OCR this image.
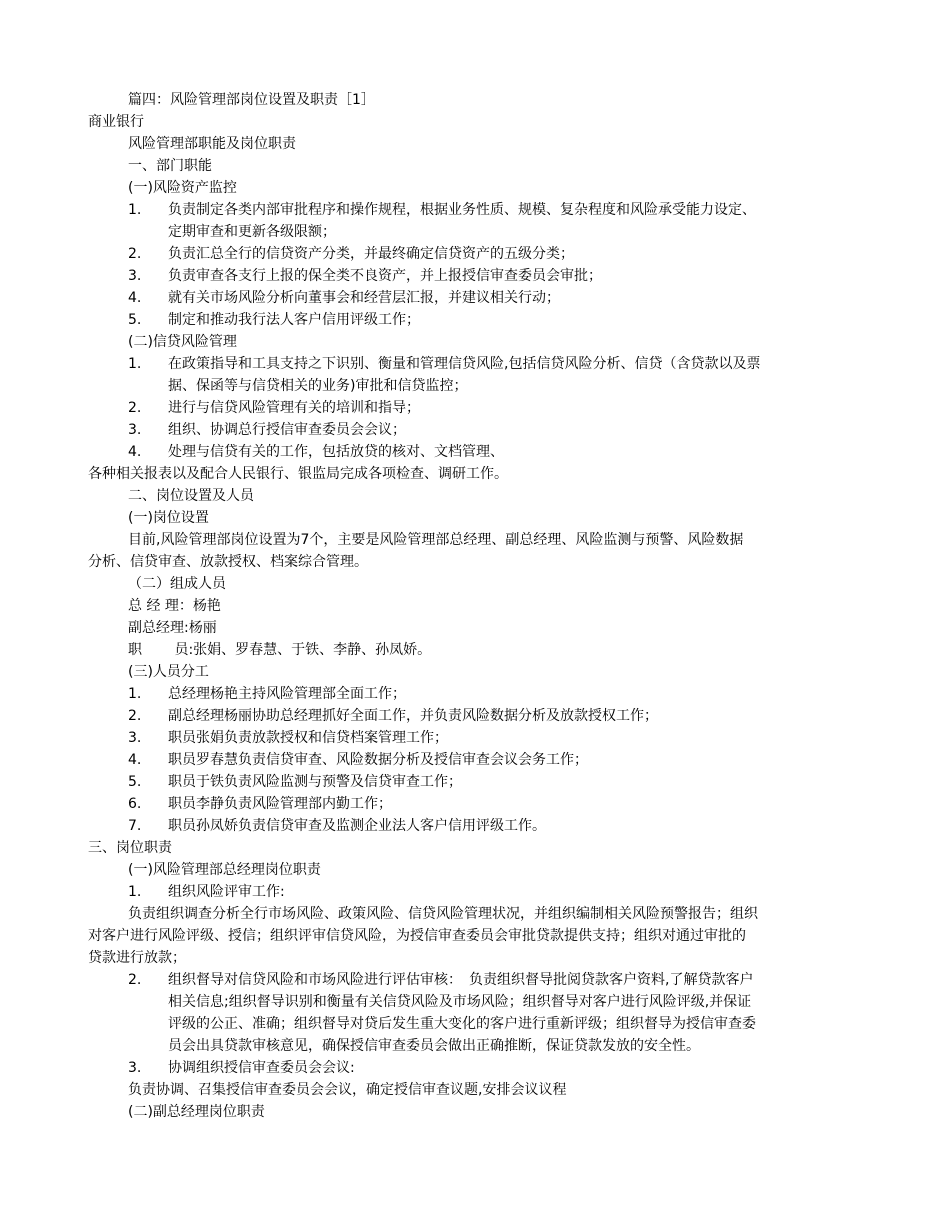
篇四：风险管理部岗位设置及职责［1］
商业银行
风险管理部职能及岗位职责
一、部门职能
(一)风险资产监控
1.	负责制定各类内部审批程序和操作规程，根据业务性质、规模、复杂程度和风险承受能力设定、
定期审查和更新各级限额；
2.	负责汇总全行的信贷资产分类，并最终确定信贷资产的五级分类；
3.	负责审查各支行上报的保全类不良资产，并上报授信审查委员会审批；
4.	就有关市场风险分析向董事会和经营层汇报，并建议相关行动；
5.	制定和推动我行法人客户信用评级工作；
(二)信贷风险管理
1.	在政策指导和工具支持之下识别、衡量和管理信贷风险,包括信贷风险分析、信贷（含贷款以及票
据、保函等与信贷相关的业务)审批和信贷监控；
2.	进行与信贷风险管理有关的培训和指导；
3.	组织、协调总行授信审查委员会会议；
4.	处理与信贷有关的工作，包括放贷的核对、文档管理、
各种相关报表以及配合人民银行、银监局完成各项检查、调研工作。
二、岗位设置及人员
(一)岗位设置
目前,风险管理部岗位设置为7个，主要是风险管理部总经理、副总经理、风险监测与预警、风险数据
分析、信贷审查、放款授权、档案综合管理。
（二）组成人员
总 经 理：杨艳
副总经理:杨丽
职　　 员:张娟、罗春慧、于铁、李静、孙凤娇。
(三)人员分工
1.	总经理杨艳主持风险管理部全面工作；
2.	副总经理杨丽协助总经理抓好全面工作，并负责风险数据分析及放款授权工作；
3.	职员张娟负责放款授权和信贷档案管理工作；
4.	职员罗春慧负责信贷审查、风险数据分析及授信审查会议会务工作；
5.	职员于铁负责风险监测与预警及信贷审查工作；
6.	职员李静负责风险管理部内勤工作；
7.	职员孙凤娇负责信贷审查及监测企业法人客户信用评级工作。
三、岗位职责
(一)风险管理部总经理岗位职责
1.	组织风险评审工作:
负责组织调查分析全行市场风险、政策风险、信贷风险管理状况，并组织编制相关风险预警报告；组织
对客户进行风险评级、授信；组织评审信贷风险，为授信审查委员会审批贷款提供支持；组织对通过审批的
贷款进行放款；
2.	组织督导对信贷风险和市场风险进行评估审核：　负责组织督导批阅贷款客户资料,了解贷款客户
相关信息;组织督导识别和衡量有关信贷风险及市场风险；组织督导对客户进行风险评级,并保证
评级的公正、准确；组织督导对贷后发生重大变化的客户进行重新评级；组织督导为授信审查委
员会出具贷款审核意见，确保授信审查委员会做出正确推断，保证贷款发放的安全性。
3.	协调组织授信审查委员会会议:
负责协调、召集授信审查委员会会议，确定授信审查议题,安排会议议程
(二)副总经理岗位职责
